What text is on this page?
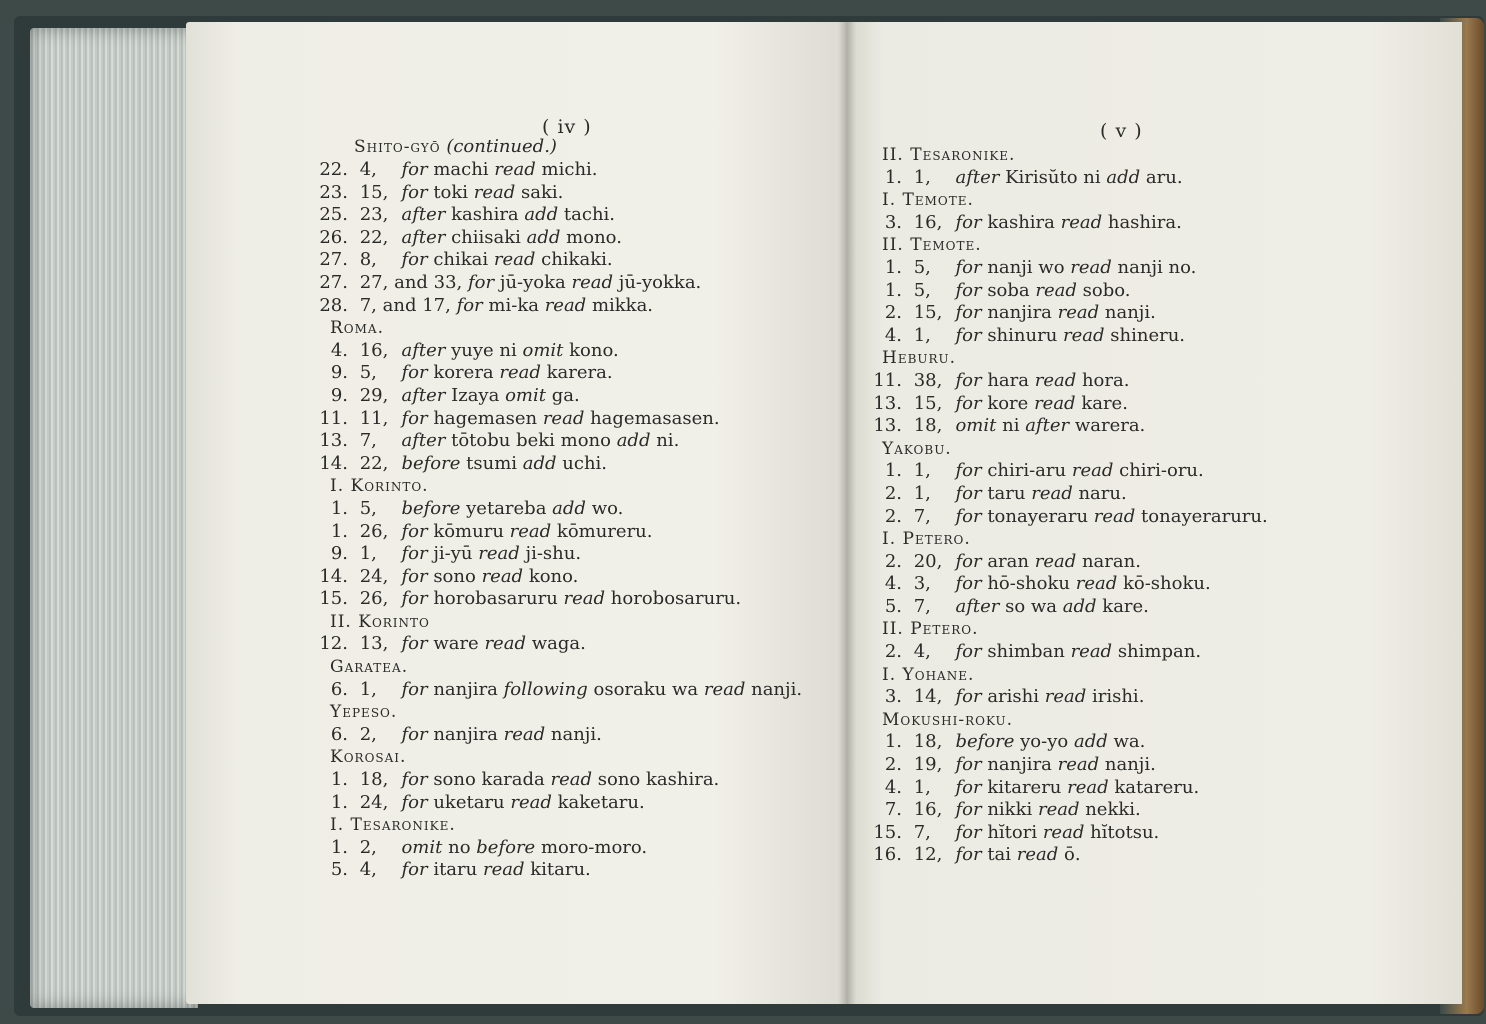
( iv )
Shito-gyō (continued.)
22. 4, for machi read michi.
23. 15, for toki read saki.
25. 23, after kashira add tachi.
26. 22, after chiisaki add mono.
27. 8, for chikai read chikaki.
27. 27, and 33, for jū-yoka read jū-yokka.
28. 7, and 17, for mi-ka read mikka.
Roma.
4. 16, after yuye ni omit kono.
9. 5, for korera read karera.
9. 29, after Izaya omit ga.
11. 11, for hagemasen read hagemasasen.
13. 7, after tōtobu beki mono add ni.
14. 22, before tsumi add uchi.
I. Korinto.
1. 5, before yetareba add wo.
1. 26, for kōmuru read kōmureru.
9. 1, for ji-yū read ji-shu.
14. 24, for sono read kono.
15. 26, for horobasaruru read horobosaruru.
II. Korinto
12. 13, for ware read waga.
Garatea.
6. 1, for nanjira following osoraku wa read nanji.
Yepeso.
6. 2, for nanjira read nanji.
Korosai.
1. 18, for sono karada read sono kashira.
1. 24, for uketaru read kaketaru.
I. Tesaronike.
1. 2, omit no before moro-moro.
5. 4, for itaru read kitaru.
( v )
II. Tesaronike.
1. 1, after Kirisŭto ni add aru.
I. Temote.
3. 16, for kashira read hashira.
II. Temote.
1. 5, for nanji wo read nanji no.
1. 5, for soba read sobo.
2. 15, for nanjira read nanji.
4. 1, for shinuru read shineru.
Heburu.
11. 38, for hara read hora.
13. 15, for kore read kare.
13. 18, omit ni after warera.
Yakobu.
1. 1, for chiri-aru read chiri-oru.
2. 1, for taru read naru.
2. 7, for tonayeraru read tonayeraruru.
I. Petero.
2. 20, for aran read naran.
4. 3, for hō-shoku read kō-shoku.
5. 7, after so wa add kare.
II. Petero.
2. 4, for shimban read shimpan.
I. Yohane.
3. 14, for arishi read irishi.
Mokushi-roku.
1. 18, before yo-yo add wa.
2. 19, for nanjira read nanji.
4. 1, for kitareru read katareru.
7. 16, for nikki read nekki.
15. 7, for hĭtori read hĭtotsu.
16. 12, for tai read ō.
